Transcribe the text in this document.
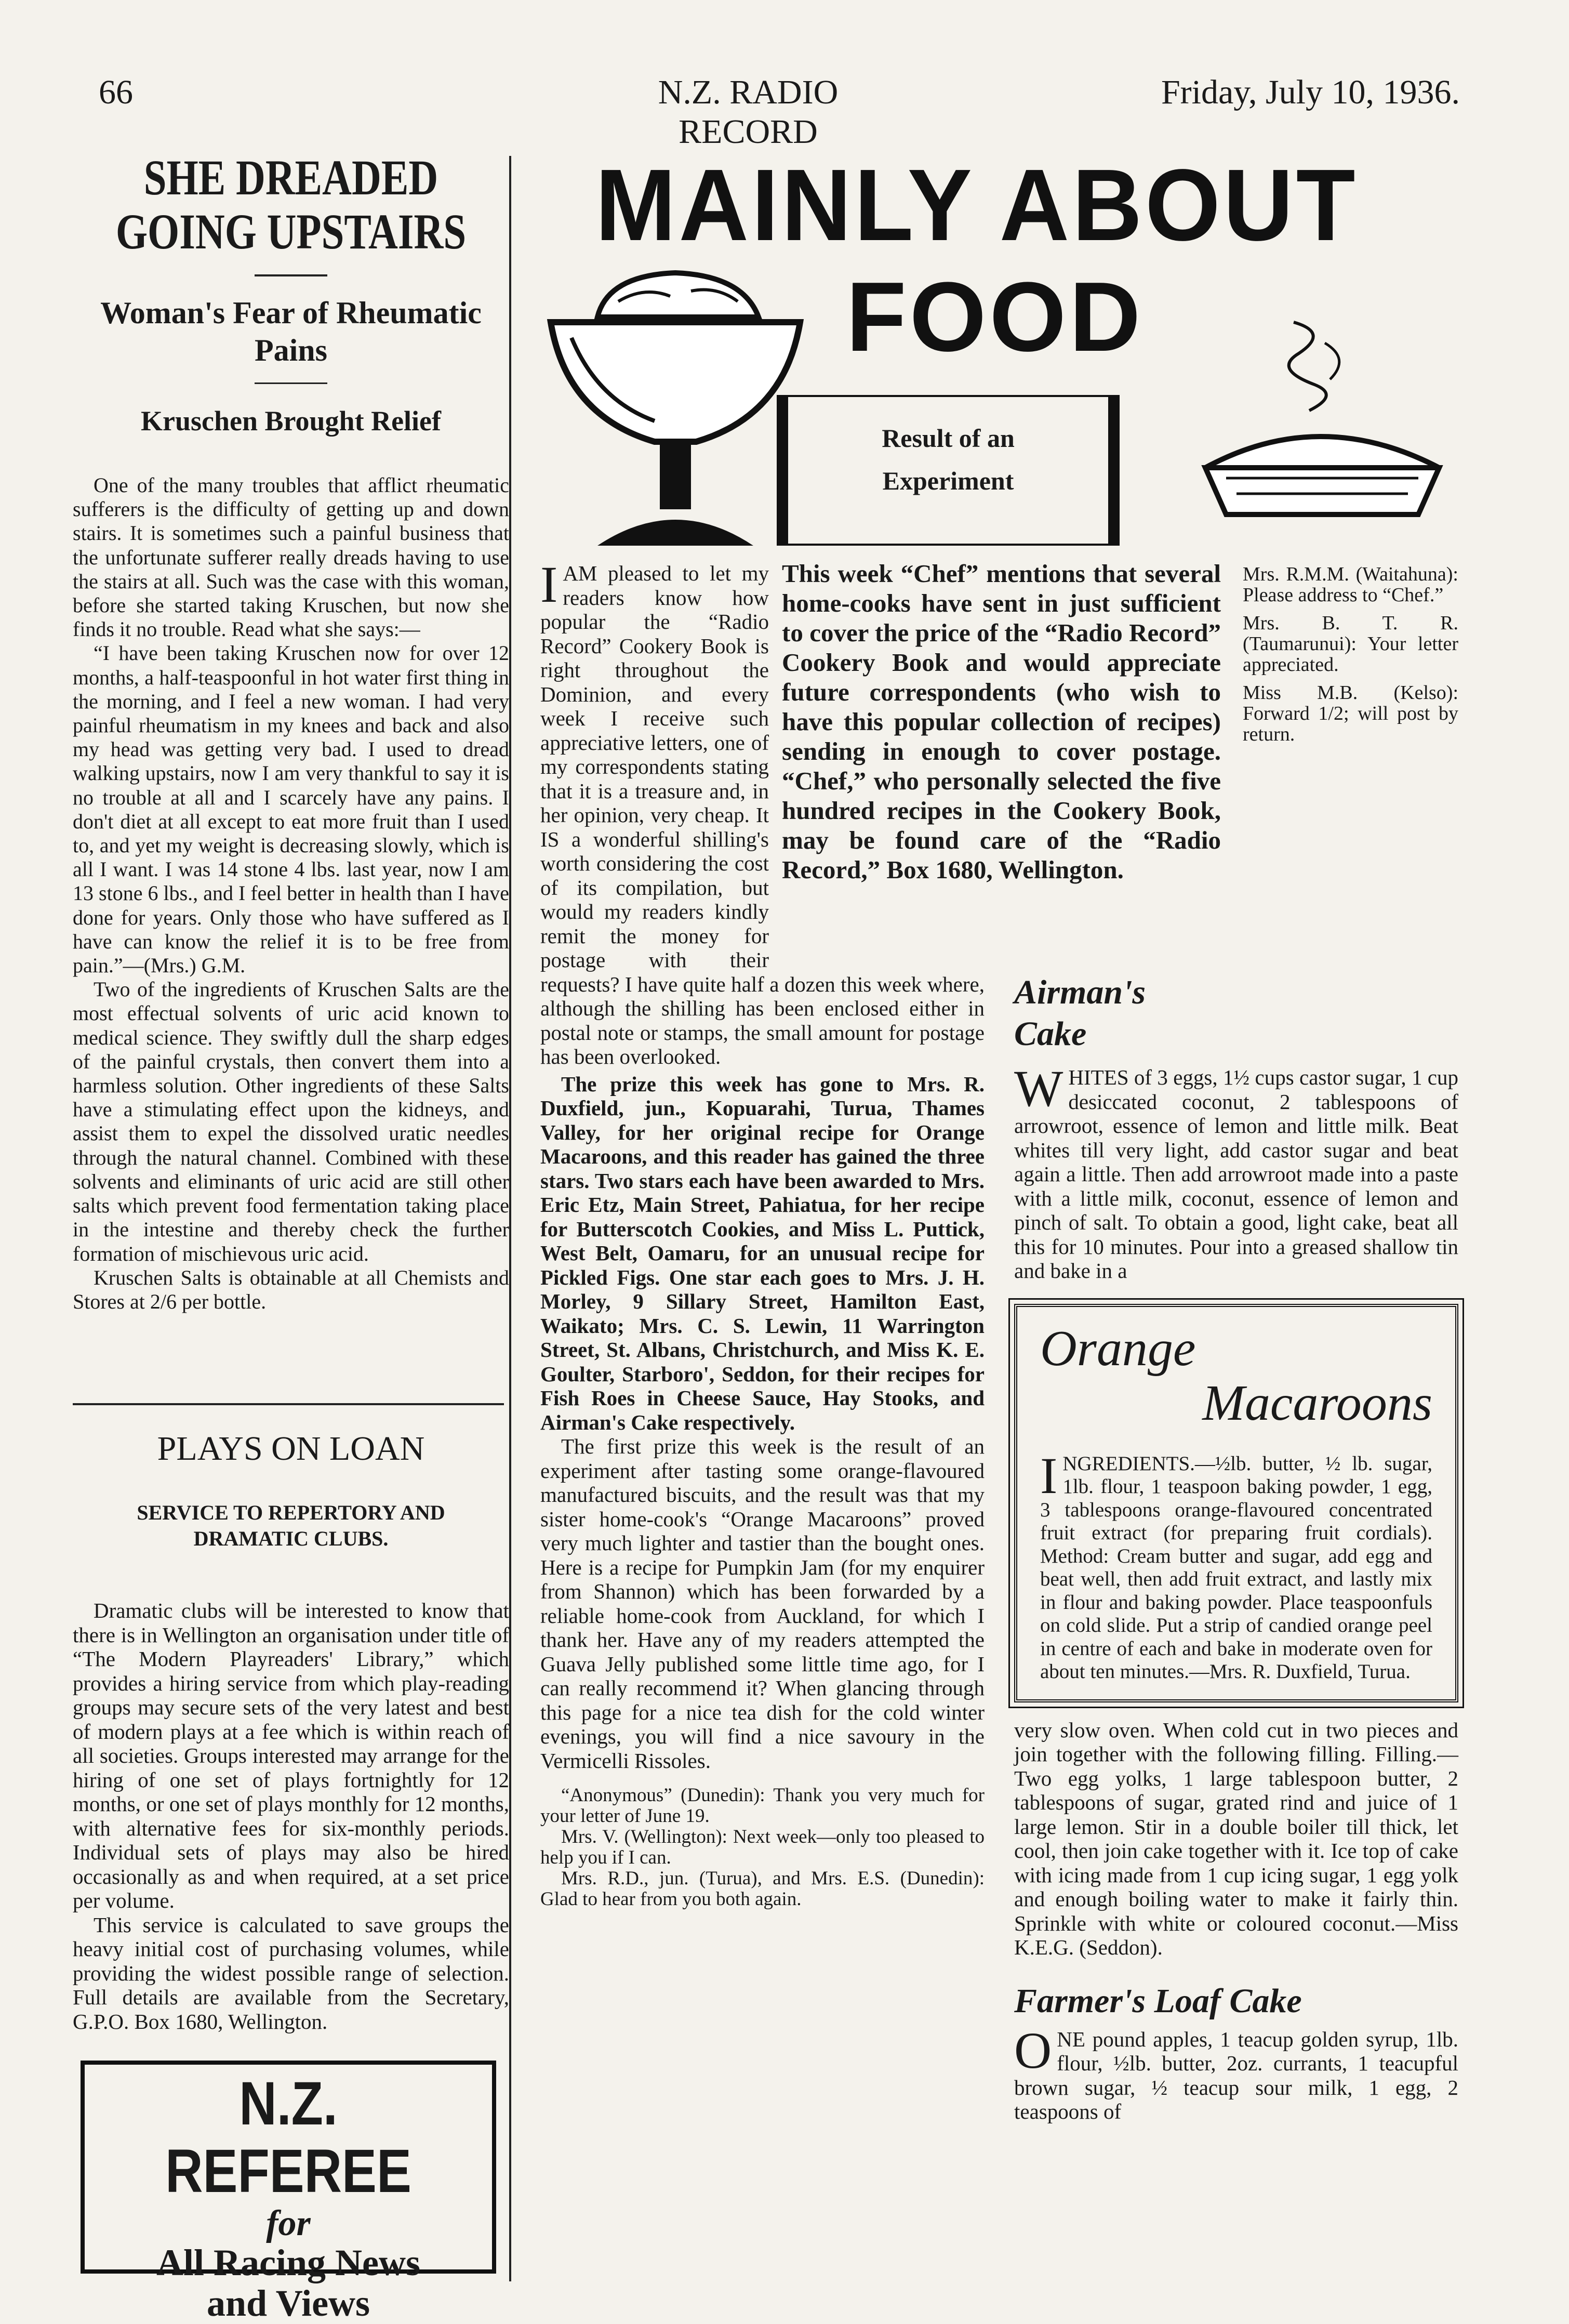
66	N.Z. RADIO RECORD
Friday, July 10, 1936.
SHE DREADED GOING UPSTAIRS
Woman's Fear of Rheumatic Pains
Kruschen Brought Relief

One of the many troubles that afflict rheumatic sufferers is the difficulty of getting up and down stairs. It is sometimes such a painful business that the unfortunate sufferer really dreads having to use the stairs at all. Such was the case with this woman, before she started taking Kruschen, but now she finds it no trouble. Read what she says:—

“I have been taking Kruschen now for over 12 months, a half-teaspoonful in hot water first thing in the morning, and I feel a new woman. I had very painful rheumatism in my knees and back and also my head was getting very bad. I used to dread walking upstairs, now I am very thankful to say it is no trouble at all and I scarcely have any pains. I don't diet at all except to eat more fruit than I used to, and yet my weight is decreasing slowly, which is all I want. I was 14 stone 4 lbs. last year, now I am 13 stone 6 lbs., and I feel better in health than I have done for years. Only those who have suffered as I have can know the relief it is to be free from pain.”—(Mrs.) G.M.

Two of the ingredients of Kruschen Salts are the most effectual solvents of uric acid known to medical science. They swiftly dull the sharp edges of the painful crystals, then convert them into a harmless solution. Other ingredients of these Salts have a stimulating effect upon the kidneys, and assist them to expel the dissolved uratic needles through the natural channel. Combined with these solvents and eliminants of uric acid are still other salts which prevent food fermentation taking place in the intestine and thereby check the further formation of mischievous uric acid.

Kruschen Salts is obtainable at all Chemists and Stores at 2/6 per bottle.

PLAYS ON LOAN
SERVICE TO REPERTORY AND DRAMATIC CLUBS.

Dramatic clubs will be interested to know that there is in Wellington an organisation under title of “The Modern Playreaders' Library,” which provides a hiring service from which play-reading groups may secure sets of the very latest and best of modern plays at a fee which is within reach of all societies. Groups interested may arrange for the hiring of one set of plays fortnightly for 12 months, or one set of plays monthly for 12 months, with alternative fees for six-monthly periods. Individual sets of plays may also be hired occasionally as and when required, at a set price per volume.

This service is calculated to save groups the heavy initial cost of purchasing volumes, while providing the widest possible range of selection. Full details are available from the Secretary, G.P.O. Box 1680, Wellington.

N.Z. REFEREE
for
All Racing News
and Views
MAINLY ABOUT
FOOD
Result of an
Experiment
This week “Chef” mentions that several home-cooks have sent in just sufficient to cover the price of the “Radio Record” Cookery Book and would appreciate future correspondents (who wish to have this popular collection of recipes) sending in enough to cover postage. “Chef,” who personally selected the five hundred recipes in the Cookery Book, may be found care of the “Radio Record,” Box 1680, Wellington.

I AM pleased to let my readers know how popular the “Radio Record” Cookery Book is right throughout the Dominion, and every week I receive such appreciative letters, one of my correspondents stating that it is a treasure and, in her opinion, very cheap. It IS a wonderful shilling's worth considering the cost of its compilation, but would my readers kindly remit the money for postage with their requests? I have quite half a dozen this week where, although the shilling has been enclosed either in postal note or stamps, the small amount for postage has been overlooked.

The prize this week has gone to Mrs. R. Duxfield, jun., Kopuarahi, Turua, Thames Valley, for her original recipe for Orange Macaroons, and this reader has gained the three stars. Two stars each have been awarded to Mrs. Eric Etz, Main Street, Pahiatua, for her recipe for Butterscotch Cookies, and Miss L. Puttick, West Belt, Oamaru, for an unusual recipe for Pickled Figs. One star each goes to Mrs. J. H. Morley, 9 Sillary Street, Hamilton East, Waikato; Mrs. C. S. Lewin, 11 Warrington Street, St. Albans, Christchurch, and Miss K. E. Goulter, Starboro', Seddon, for their recipes for Fish Roes in Cheese Sauce, Hay Stooks, and Airman's Cake respectively.

The first prize this week is the result of an experiment after tasting some orange-flavoured manufactured biscuits, and the result was that my sister home-cook's “Orange Macaroons” proved very much lighter and tastier than the bought ones. Here is a recipe for Pumpkin Jam (for my enquirer from Shannon) which has been forwarded by a reliable home-cook from Auckland, for which I thank her. Have any of my readers attempted the Guava Jelly published some little time ago, for I can really recommend it? When glancing through this page for a nice tea dish for the cold winter evenings, you will find a nice savoury in the Vermicelli Rissoles.

“Anonymous” (Dunedin): Thank you very much for your letter of June 19.

Mrs. V. (Wellington): Next week—only too pleased to help you if I can.

Mrs. R.D., jun. (Turua), and Mrs. E.S. (Dunedin): Glad to hear from you both again.

Mrs. R.M.M. (Waitahuna): Please address to “Chef.”

Mrs. B. T. R. (Taumarunui): Your letter appreciated.

Miss M.B. (Kelso): Forward 1/2; will post by return.

Airman's Cake

WHITES of 3 eggs, 1½ cups castor sugar, 1 cup desiccated coconut, 2 tablespoons of arrowroot, essence of lemon and little milk. Beat whites till very light, add castor sugar and beat again a little. Then add arrowroot made into a paste with a little milk, coconut, essence of lemon and pinch of salt. To obtain a good, light cake, beat all this for 10 minutes. Pour into a greased shallow tin and bake in a

Orange
Macaroons

INGREDIENTS.—½lb. butter, ½ lb. sugar, 1lb. flour, 1 teaspoon baking powder, 1 egg, 3 tablespoons orange-flavoured concentrated fruit extract (for preparing fruit cordials). Method: Cream butter and sugar, add egg and beat well, then add fruit extract, and lastly mix in flour and baking powder. Place teaspoonfuls on cold slide. Put a strip of candied orange peel in centre of each and bake in moderate oven for about ten minutes.—Mrs. R. Duxfield, Turua.

very slow oven. When cold cut in two pieces and join together with the following filling. Filling.—Two egg yolks, 1 large tablespoon butter, 2 tablespoons of sugar, grated rind and juice of 1 large lemon. Stir in a double boiler till thick, let cool, then join cake together with it. Ice top of cake with icing made from 1 cup icing sugar, 1 egg yolk and enough boiling water to make it fairly thin. Sprinkle with white or coloured coconut.—Miss K.E.G. (Seddon).

Farmer's Loaf Cake

ONE pound apples, 1 teacup golden syrup, 1lb. flour, ½lb. butter, 2oz. currants, 1 teacupful brown sugar, ½ teacup sour milk, 1 egg, 2 teaspoons of
